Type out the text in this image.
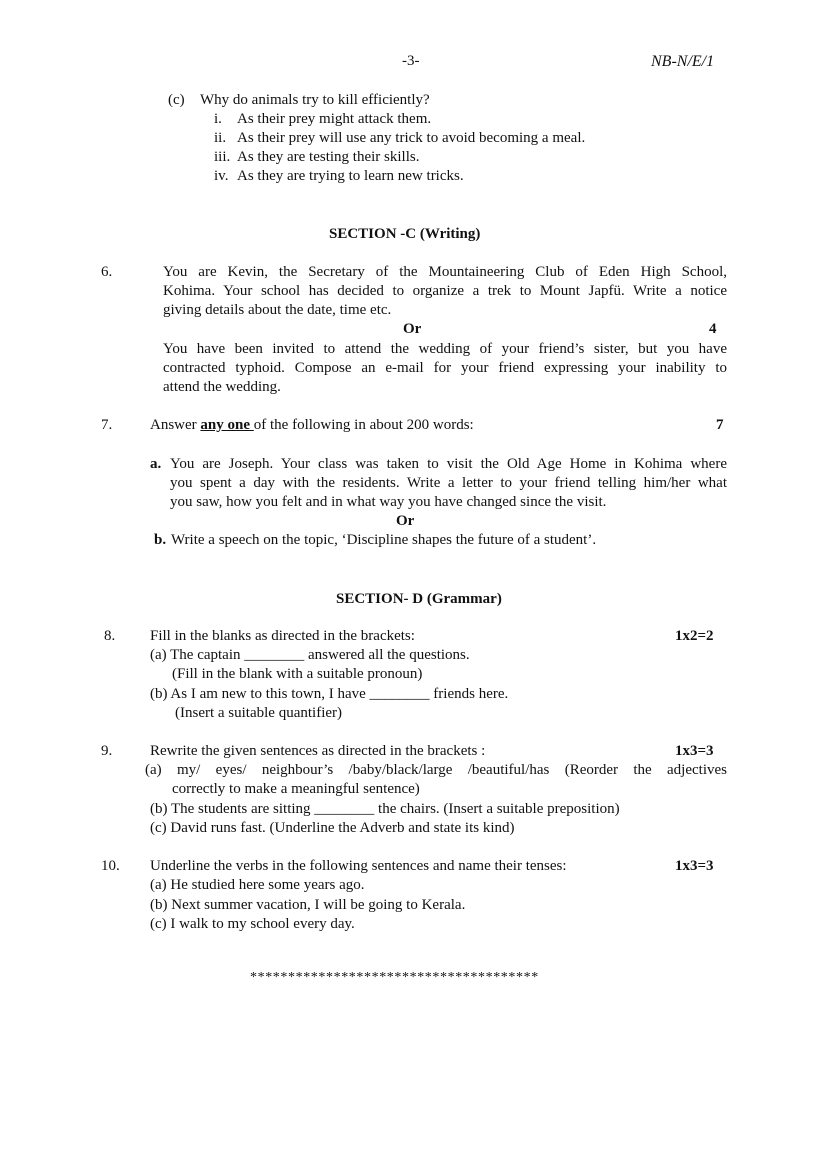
-3-	NB-N/E/1
(c) Why do animals try to kill efficiently?
i. As their prey might attack them.
ii. As their prey will use any trick to avoid becoming a meal.
iii. As they are testing their skills.
iv. As they are trying to learn new tricks.
SECTION -C (Writing)
6.	You are Kevin, the Secretary of the Mountaineering Club of Eden High School,
Kohima. Your school has decided to organize a trek to Mount Japfü. Write a notice
giving details about the date, time etc.
Or	4
You have been invited to attend the wedding of your friend’s sister, but you have
contracted typhoid. Compose an e-mail for your friend expressing your inability to
attend the wedding.
7.	Answer any one of the following in about 200 words:	7
a. You are Joseph. Your class was taken to visit the Old Age Home in Kohima where
you spent a day with the residents. Write a letter to your friend telling him/her what
you saw, how you felt and in what way you have changed since the visit.
Or
b. Write a speech on the topic, ‘Discipline shapes the future of a student’.
SECTION- D (Grammar)
8. Fill in the blanks as directed in the brackets:	1x2=2
(a) The captain ________ answered all the questions.
(Fill in the blank with a suitable pronoun)
(b) As I am new to this town, I have ________ friends here.
(Insert a suitable quantifier)
9.	Rewrite the given sentences as directed in the brackets :	1x3=3
(a) my/ eyes/ neighbour’s /baby/black/large /beautiful/has (Reorder the adjectives
correctly to make a meaningful sentence)
(b) The students are sitting ________ the chairs. (Insert a suitable preposition)
(c) David runs fast. (Underline the Adverb and state its kind)
10. Underline the verbs in the following sentences and name their tenses:	1x3=3
(a) He studied here some years ago.
(b) Next summer vacation, I will be going to Kerala.
(c) I walk to my school every day.
**************************************
